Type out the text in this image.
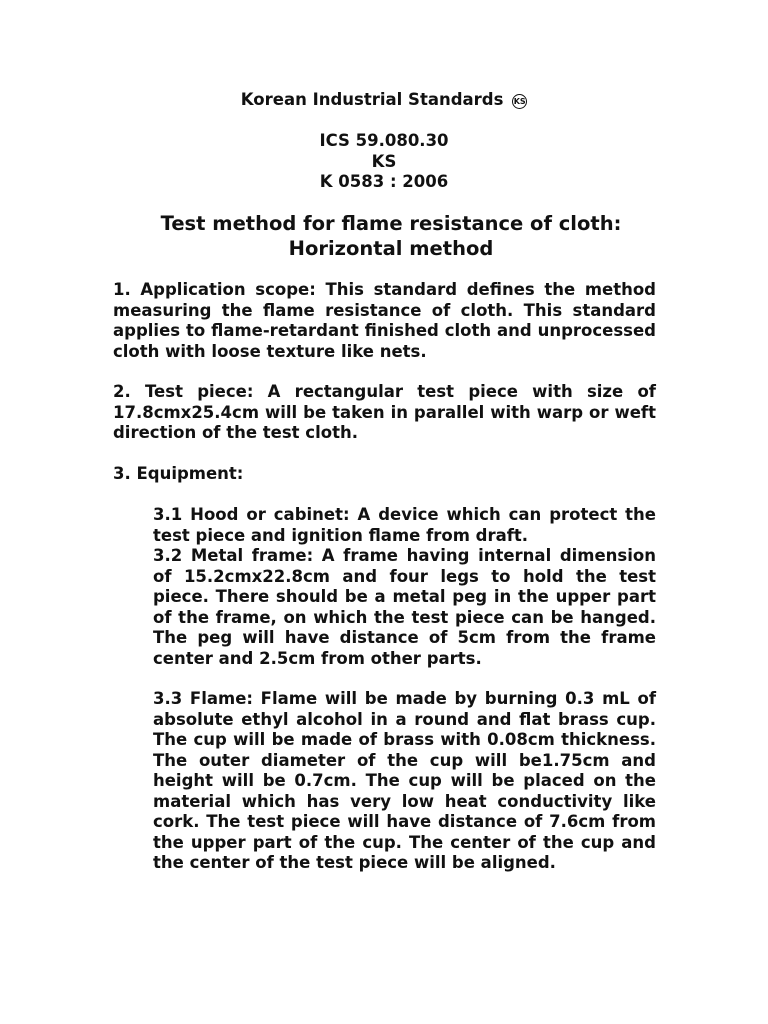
Korean Industrial Standards KS
ICS 59.080.30
KS
K 0583 : 2006
Test method for flame resistance of cloth:
Horizontal method

1. Application scope: This standard defines the method measuring the flame resistance of cloth. This standard applies to flame-retardant finished cloth and unprocessed cloth with loose texture like nets.

2. Test piece: A rectangular test piece with size of 17.8cmx25.4cm will be taken in parallel with warp or weft direction of the test cloth.

3. Equipment:

3.1 Hood or cabinet: A device which can protect the test piece and ignition flame from draft.

3.2 Metal frame: A frame having internal dimension of 15.2cmx22.8cm and four legs to hold the test piece. There should be a metal peg in the upper part of the frame, on which the test piece can be hanged. The peg will have distance of 5cm from the frame center and 2.5cm from other parts.

3.3 Flame: Flame will be made by burning 0.3 mL of absolute ethyl alcohol in a round and flat brass cup. The cup will be made of brass with 0.08cm thickness. The outer diameter of the cup will be1.75cm and height will be 0.7cm. The cup will be placed on the material which has very low heat conductivity like cork. The test piece will have distance of 7.6cm from the upper part of the cup. The center of the cup and the center of the test piece will be aligned.
